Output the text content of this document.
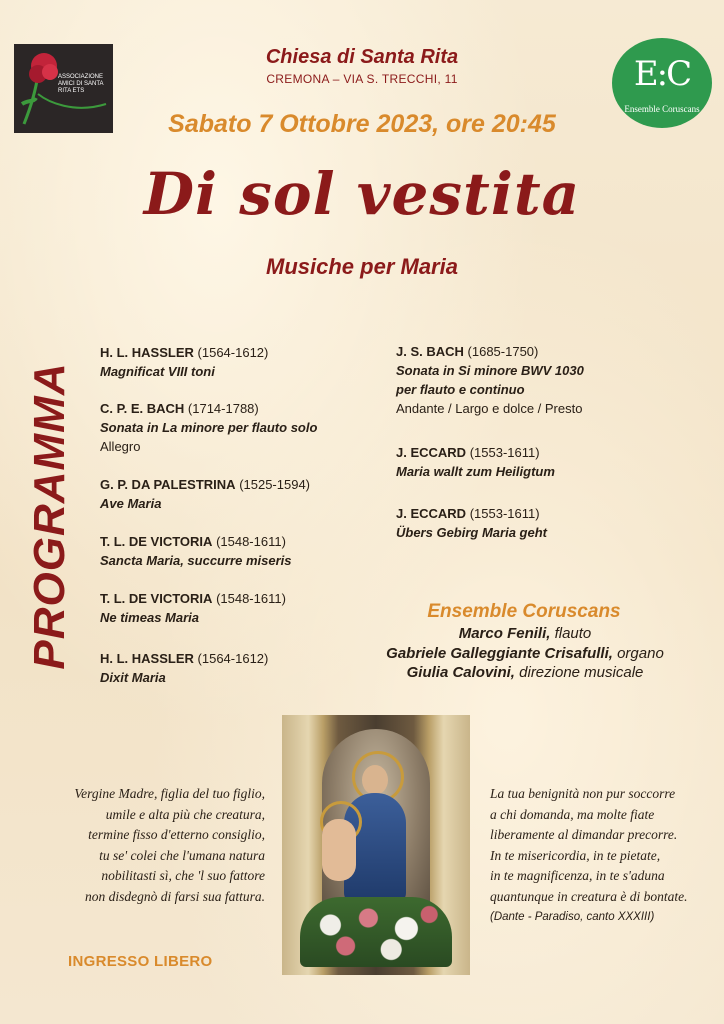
ASSOCIAZIONE AMICI DI SANTA RITA ETS	E:C
Ensemble Coruscans
Chiesa di Santa Rita
CREMONA – VIA S. TRECCHI, 11
Sabato 7 Ottobre 2023, ore 20:45
Di sol vestita
Musiche per Maria
PROGRAMMA
H. L. HASSLER (1564-1612)
Magnificat VIII toni
C. P. E. BACH (1714-1788)
Sonata in La minore per flauto solo
Allegro
G. P. DA PALESTRINA (1525-1594)
Ave Maria
T. L. DE VICTORIA (1548-1611)
Sancta Maria, succurre miseris
T. L. DE VICTORIA (1548-1611)
Ne timeas Maria
H. L. HASSLER (1564-1612)
Dixit Maria
J. S. BACH (1685-1750)
Sonata in Si minore BWV 1030
per flauto e continuo
Andante / Largo e dolce / Presto
J. ECCARD (1553-1611)
Maria wallt zum Heiligtum
J. ECCARD (1553-1611)
Übers Gebirg Maria geht
Ensemble Coruscans
Marco Fenili, flauto
Gabriele Galleggiante Crisafulli, organo
Giulia Calovini, direzione musicale
Vergine Madre, figlia del tuo figlio,
umile e alta più che creatura,
termine fisso d'etterno consiglio,
tu se' colei che l'umana natura
nobilitasti sì, che 'l suo fattore
non disdegnò di farsi sua fattura.
La tua benignità non pur soccorre
a chi domanda, ma molte fiate
liberamente al dimandar precorre.
In te misericordia, in te pietate,
in te magnificenza, in te s'aduna
quantunque in creatura è di bontate.
(Dante - Paradiso, canto XXXIII)
INGRESSO LIBERO
